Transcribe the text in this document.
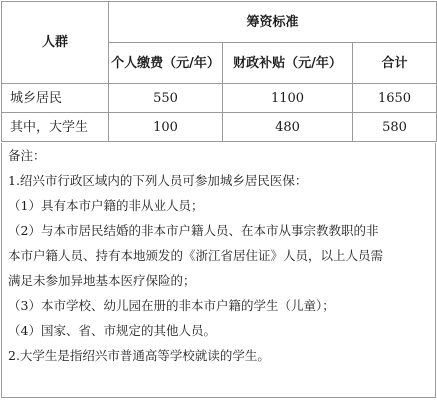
人群	筹资标准		
	个人缴费（元/年）	财政补贴（元/年）	合计
城乡居民	550	1100	1650
其中，大学生	100	480	580
备注：
1.绍兴市行政区域内的下列人员可参加城乡居民医保：
（1）具有本市户籍的非从业人员；
（2）与本市居民结婚的非本市户籍人员、在本市从事宗教教职的非
本市户籍人员、持有本地颁发的《浙江省居住证》人员，以上人员需
满足未参加异地基本医疗保险的；
（3）本市学校、幼儿园在册的非本市户籍的学生（儿童）；
（4）国家、省、市规定的其他人员。
2.大学生是指绍兴市普通高等学校就读的学生。
